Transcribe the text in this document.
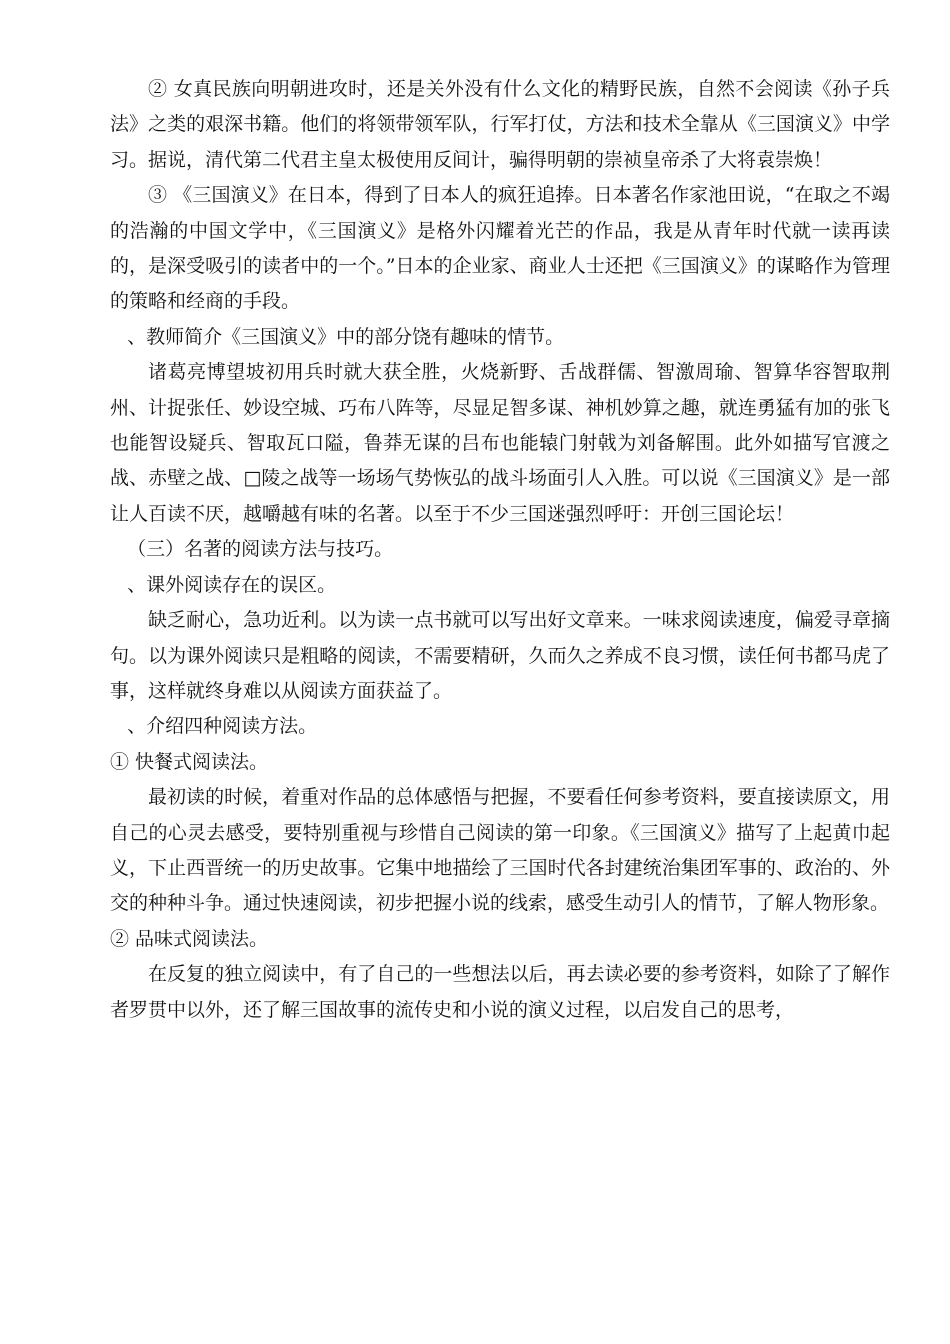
② 女真民族向明朝进攻时，还是关外没有什么文化的精野民族，自然不会阅读《孙子兵法》之类的艰深书籍。他们的将领带领军队，行军打仗，方法和技术全靠从《三国演义》中学习。据说，清代第二代君主皇太极使用反间计，骗得明朝的崇祯皇帝杀了大将袁崇焕！

③ 《三国演义》在日本，得到了日本人的疯狂追捧。日本著名作家池田说，“在取之不竭的浩瀚的中国文学中，《三国演义》是格外闪耀着光芒的作品，我是从青年时代就一读再读的，是深受吸引的读者中的一个。”日本的企业家、商业人士还把《三国演义》的谋略作为管理的策略和经商的手段。

、教师简介《三国演义》中的部分饶有趣味的情节。

诸葛亮博望坡初用兵时就大获全胜，火烧新野、舌战群儒、智激周瑜、智算华容智取荆州、计捉张任、妙设空城、巧布八阵等，尽显足智多谋、神机妙算之趣，就连勇猛有加的张飞也能智设疑兵、智取瓦口隘，鲁莽无谋的吕布也能辕门射戟为刘备解围。此外如描写官渡之战、赤壁之战、□陵之战等一场场气势恢弘的战斗场面引人入胜。可以说《三国演义》是一部让人百读不厌，越嚼越有味的名著。以至于不少三国迷强烈呼吁：开创三国论坛！

（三）名著的阅读方法与技巧。

、课外阅读存在的误区。

缺乏耐心，急功近利。以为读一点书就可以写出好文章来。一味求阅读速度，偏爱寻章摘句。以为课外阅读只是粗略的阅读，不需要精研，久而久之养成不良习惯，读任何书都马虎了事，这样就终身难以从阅读方面获益了。

、介绍四种阅读方法。

① 快餐式阅读法。

最初读的时候，着重对作品的总体感悟与把握，不要看任何参考资料，要直接读原文，用自己的心灵去感受，要特别重视与珍惜自己阅读的第一印象。《三国演义》描写了上起黄巾起义，下止西晋统一的历史故事。它集中地描绘了三国时代各封建统治集团军事的、政治的、外交的种种斗争。通过快速阅读，初步把握小说的线索，感受生动引人的情节，了解人物形象。

② 品味式阅读法。

在反复的独立阅读中，有了自己的一些想法以后，再去读必要的参考资料，如除了了解作者罗贯中以外，还了解三国故事的流传史和小说的演义过程，以启发自己的思考，
